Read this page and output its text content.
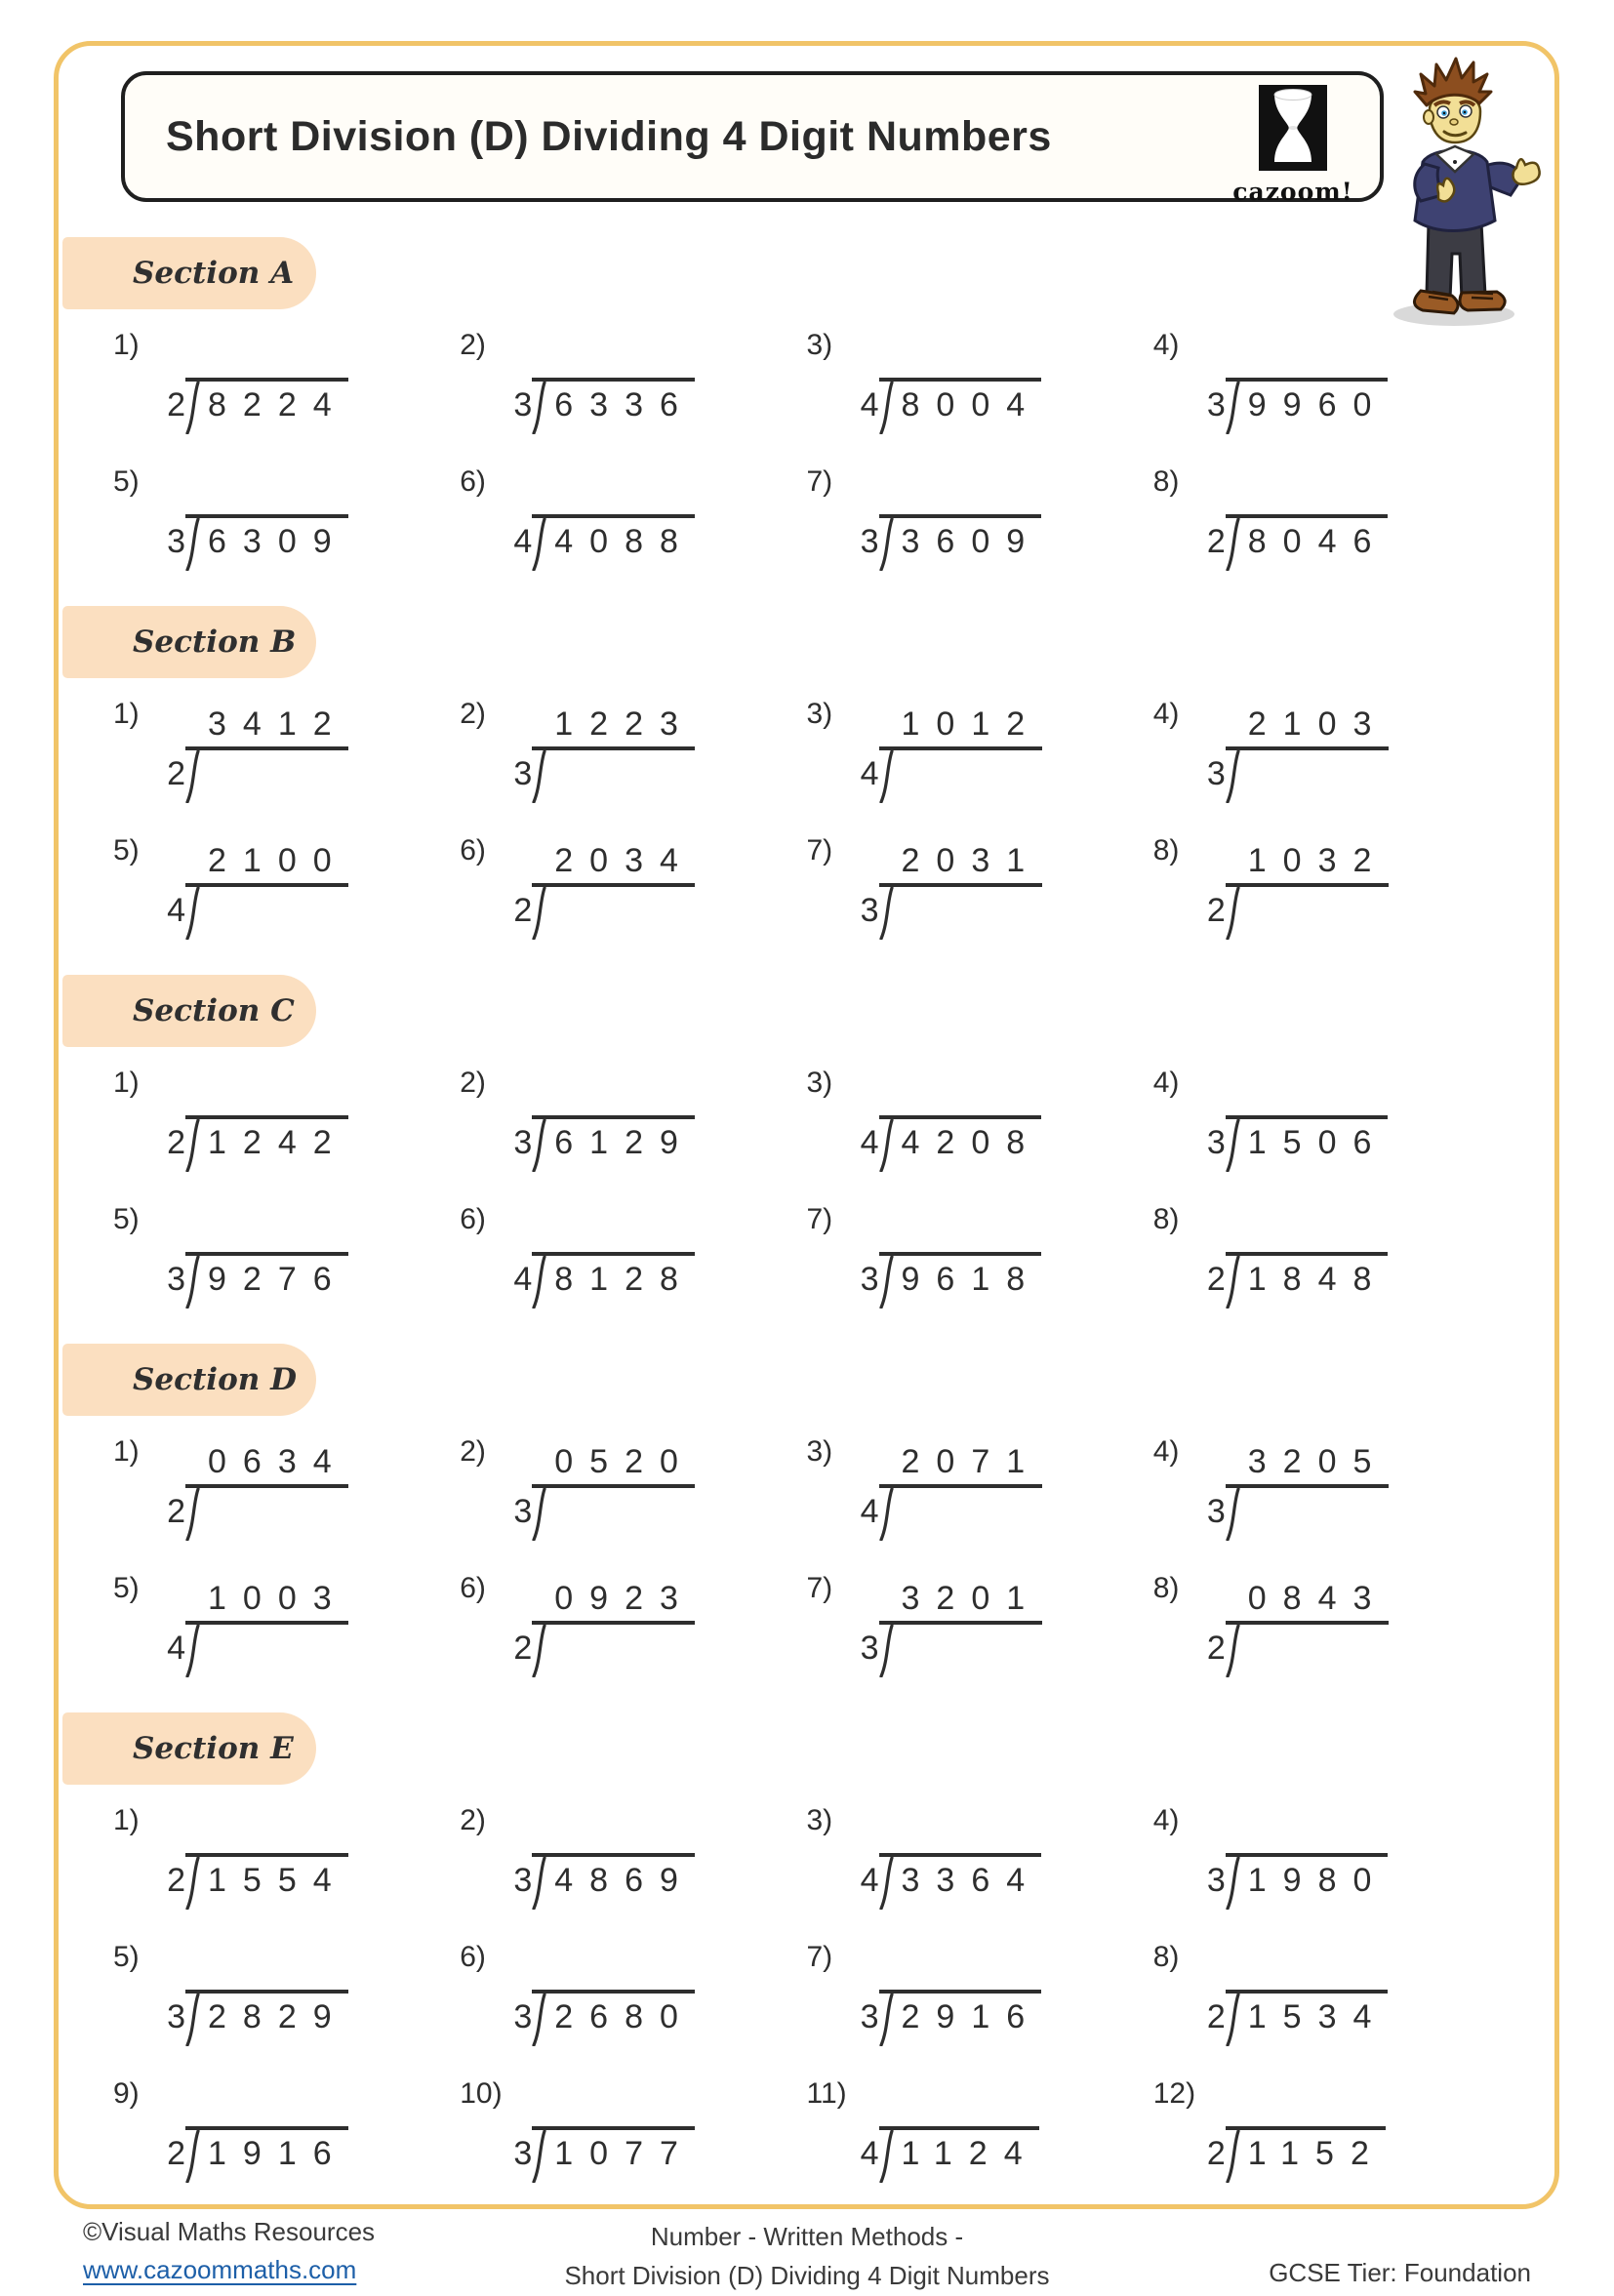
Short Division (D) Dividing 4 Digit Numbers
cazoom!
Section A
1)
2 8224
2)
3 6336
3)
4 8004
4)
3 9960
5)
3 6309
6)
4 4088
7)
3 3609
8)
2 8046
Section B
1) 3412
2
2) 1223
3
3) 1012
4
4) 2103
3
5) 2100
4
6) 2034
2
7) 2031
3
8) 1032
2
Section C
1)
2 1242
2)
3 6129
3)
4 4208
4)
3 1506
5)
3 9276
6)
4 8128
7)
3 9618
8)
2 1848
Section D
1) 0634
2
2) 0520
3
3) 2071
4
4) 3205
3
5) 1003
4
6) 0923
2
7) 3201
3
8) 0843
2
Section E
1)
2 1554
2)
3 4869
3)
4 3364
4)
3 1980
5)
3 2829
6)
3 2680
7)
3 2916
8)
2 1534
9)
2 1916
10)
3 1077
11)
4 1124
12)
2 1152
©Visual Maths Resources
www.cazoommaths.com
Number - Written Methods -
Short Division (D) Dividing 4 Digit Numbers	GCSE Tier: Foundation
